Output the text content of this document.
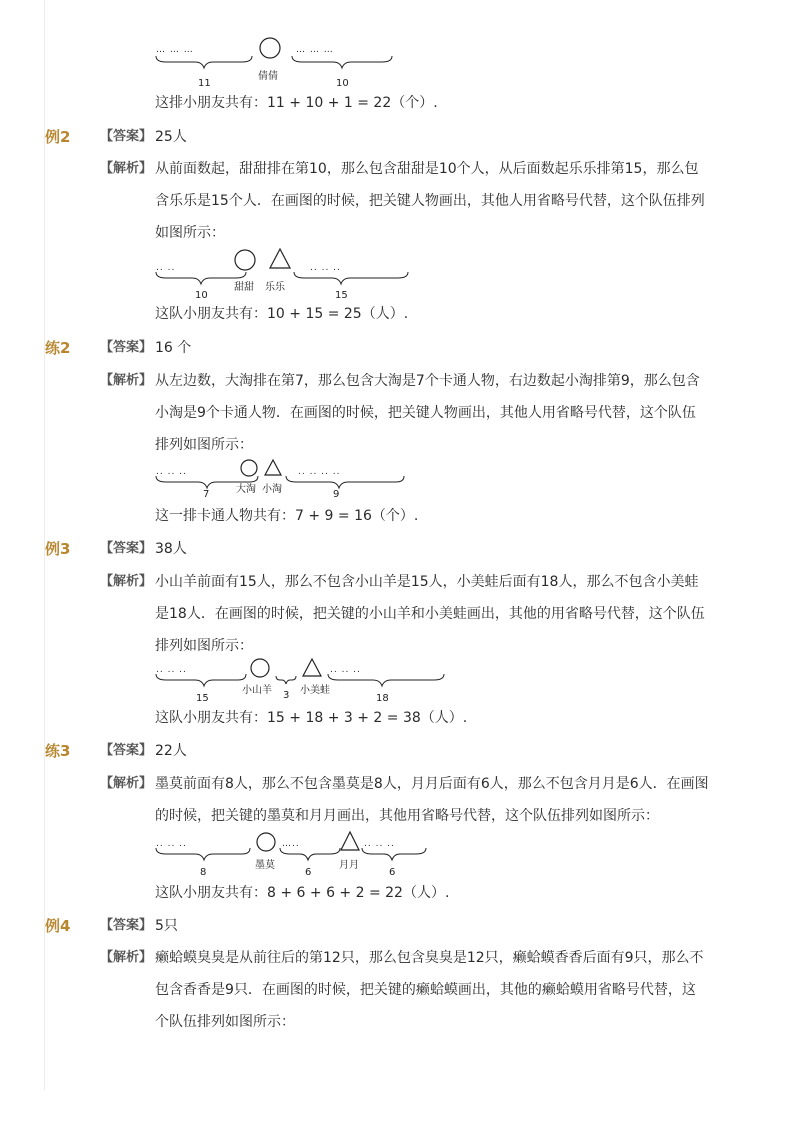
… … …
11
倩倩
… … …
10
这排小朋友共有：11 + 10 + 1 = 22（个）.
例2 【答案】 25人
【解析】 从前面数起，甜甜排在第10，那么包含甜甜是10个人，从后面数起乐乐排第15，那么包
含乐乐是15个人．在画图的时候，把关键人物画出，其他人用省略号代替，这个队伍排列
如图所示：
.. ..
10
甜甜 乐乐
.. .. ..
15
这队小朋友共有：10 + 15 = 25（人）.
练2 【答案】 16 个
【解析】 从左边数，大淘排在第7，那么包含大淘是7个卡通人物，右边数起小淘排第9，那么包含
小淘是9个卡通人物．在画图的时候，把关键人物画出，其他人用省略号代替，这个队伍
排列如图所示：
.. .. ..
7	大淘 小淘
.. .. .. ..
9
这一排卡通人物共有：7 + 9 = 16（个）.
例3 【答案】 38人
【解析】 小山羊前面有15人，那么不包含小山羊是15人，小美蛙后面有18人，那么不包含小美蛙
是18人．在画图的时候，把关键的小山羊和小美蛙画出，其他的用省略号代替，这个队伍
排列如图所示：
.. .. ..
15
小山羊 3 小美蛙
.. .. ..
18
这队小朋友共有：15 + 18 + 3 + 2 = 38（人）.
练3 【答案】 22人
【解析】 墨莫前面有8人，那么不包含墨莫是8人，月月后面有6人，那么不包含月月是6人．在画图
的时候，把关键的墨莫和月月画出，其他用省略号代替，这个队伍排列如图所示：
.. .. ..
8
墨莫
…..
6
月月
.. .. ..
6
这队小朋友共有：8 + 6 + 6 + 2 = 22（人）.
例4 【答案】 5只
【解析】 癞蛤蟆臭臭是从前往后的第12只，那么包含臭臭是12只，癞蛤蟆香香后面有9只，那么不
包含香香是9只．在画图的时候，把关键的癞蛤蟆画出，其他的癞蛤蟆用省略号代替，这
个队伍排列如图所示：
